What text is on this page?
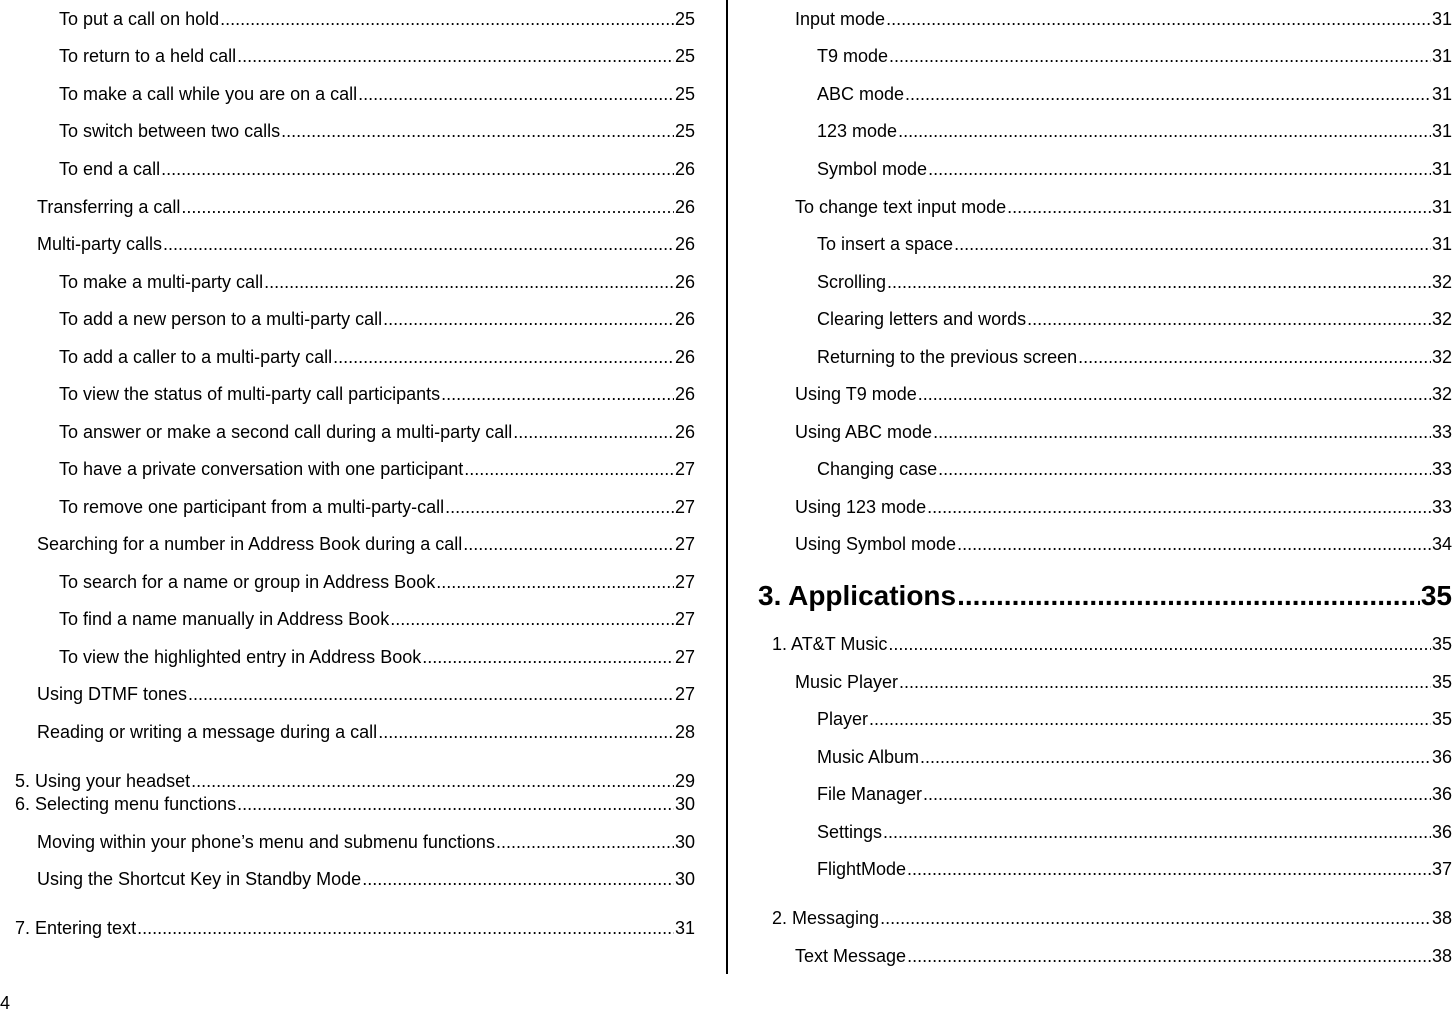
To put a call on hold .....	25
To return to a held call .....	25
To make a call while you are on a call .....	25
To switch between two calls .....	25
To end a call .....	26
Transferring a call .....	26
Multi-party calls .....	26
To make a multi-party call .....	26
To add a new person to a multi-party call .....	26
To add a caller to a multi-party call .....	26
To view the status of multi-party call participants .....	26
To answer or make a second call during a multi-party call .....	26
To have a private conversation with one participant .....	27
To remove one participant from a multi-party-call .....	27
Searching for a number in Address Book during a call .....	27
To search for a name or group in Address Book .....	27
To find a name manually in Address Book .....	27
To view the highlighted entry in Address Book .....	27
Using DTMF tones .....	27
Reading or writing a message during a call .....	28
5. Using your headset .....	29
6. Selecting menu functions .....	30
Moving within your phone’s menu and submenu functions .....	30
Using the Shortcut Key in Standby Mode .....	30
7. Entering text .....	31
Input mode .....	31
T9 mode .....	31
ABC mode .....	31
123 mode .....	31
Symbol mode .....	31
To change text input mode .....	31
To insert a space .....	31
Scrolling .....	32
Clearing letters and words .....	32
Returning to the previous screen .....	32
Using T9 mode .....	32
Using ABC mode .....	33
Changing case .....	33
Using 123 mode .....	33
Using Symbol mode .....	34
3. Applications .....	35
1. AT&T Music .....	35
Music Player .....	35
Player .....	35
Music Album .....	36
File Manager .....	36
Settings .....	36
FlightMode .....	37
2. Messaging .....	38
Text Message .....	38
4
